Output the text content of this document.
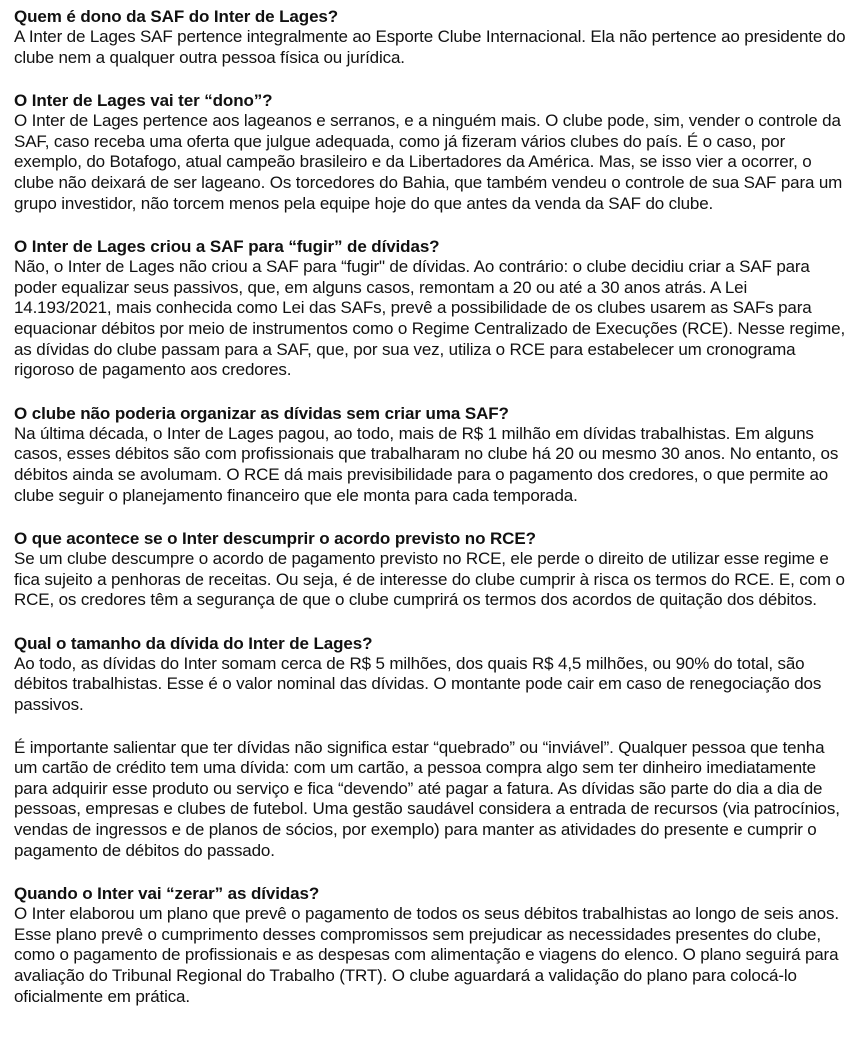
Quem é dono da SAF do Inter de Lages?

A Inter de Lages SAF pertence integralmente ao Esporte Clube Internacional. Ela não pertence ao presidente do clube nem a qualquer outra pessoa física ou jurídica.

O Inter de Lages vai ter “dono”?

O Inter de Lages pertence aos lageanos e serranos, e a ninguém mais. O clube pode, sim, vender o controle da SAF, caso receba uma oferta que julgue adequada, como já fizeram vários clubes do país. É o caso, por exemplo, do Botafogo, atual campeão brasileiro e da Libertadores da América. Mas, se isso vier a ocorrer, o clube não deixará de ser lageano. Os torcedores do Bahia, que também vendeu o controle de sua SAF para um grupo investidor, não torcem menos pela equipe hoje do que antes da venda da SAF do clube.

O Inter de Lages criou a SAF para “fugir” de dívidas?

Não, o Inter de Lages não criou a SAF para “fugir" de dívidas. Ao contrário: o clube decidiu criar a SAF para poder equalizar seus passivos, que, em alguns casos, remontam a 20 ou até a 30 anos atrás. A Lei 14.193/2021, mais conhecida como Lei das SAFs, prevê a possibilidade de os clubes usarem as SAFs para equacionar débitos por meio de instrumentos como o Regime Centralizado de Execuções (RCE). Nesse regime, as dívidas do clube passam para a SAF, que, por sua vez, utiliza o RCE para estabelecer um cronograma rigoroso de pagamento aos credores.

O clube não poderia organizar as dívidas sem criar uma SAF?

Na última década, o Inter de Lages pagou, ao todo, mais de R$ 1 milhão em dívidas trabalhistas. Em alguns casos, esses débitos são com profissionais que trabalharam no clube há 20 ou mesmo 30 anos. No entanto, os débitos ainda se avolumam. O RCE dá mais previsibilidade para o pagamento dos credores, o que permite ao clube seguir o planejamento financeiro que ele monta para cada temporada.

O que acontece se o Inter descumprir o acordo previsto no RCE?

Se um clube descumpre o acordo de pagamento previsto no RCE, ele perde o direito de utilizar esse regime e fica sujeito a penhoras de receitas. Ou seja, é de interesse do clube cumprir à risca os termos do RCE. E, com o RCE, os credores têm a segurança de que o clube cumprirá os termos dos acordos de quitação dos débitos.

Qual o tamanho da dívida do Inter de Lages?

Ao todo, as dívidas do Inter somam cerca de R$ 5 milhões, dos quais R$ 4,5 milhões, ou 90% do total, são débitos trabalhistas. Esse é o valor nominal das dívidas. O montante pode cair em caso de renegociação dos passivos.

É importante salientar que ter dívidas não significa estar “quebrado” ou “inviável”. Qualquer pessoa que tenha um cartão de crédito tem uma dívida: com um cartão, a pessoa compra algo sem ter dinheiro imediatamente para adquirir esse produto ou serviço e fica “devendo” até pagar a fatura. As dívidas são parte do dia a dia de pessoas, empresas e clubes de futebol. Uma gestão saudável considera a entrada de recursos (via patrocínios, vendas de ingressos e de planos de sócios, por exemplo) para manter as atividades do presente e cumprir o pagamento de débitos do passado.

Quando o Inter vai “zerar” as dívidas?

O Inter elaborou um plano que prevê o pagamento de todos os seus débitos trabalhistas ao longo de seis anos. Esse plano prevê o cumprimento desses compromissos sem prejudicar as necessidades presentes do clube, como o pagamento de profissionais e as despesas com alimentação e viagens do elenco. O plano seguirá para avaliação do Tribunal Regional do Trabalho (TRT). O clube aguardará a validação do plano para colocá-lo oficialmente em prática.
